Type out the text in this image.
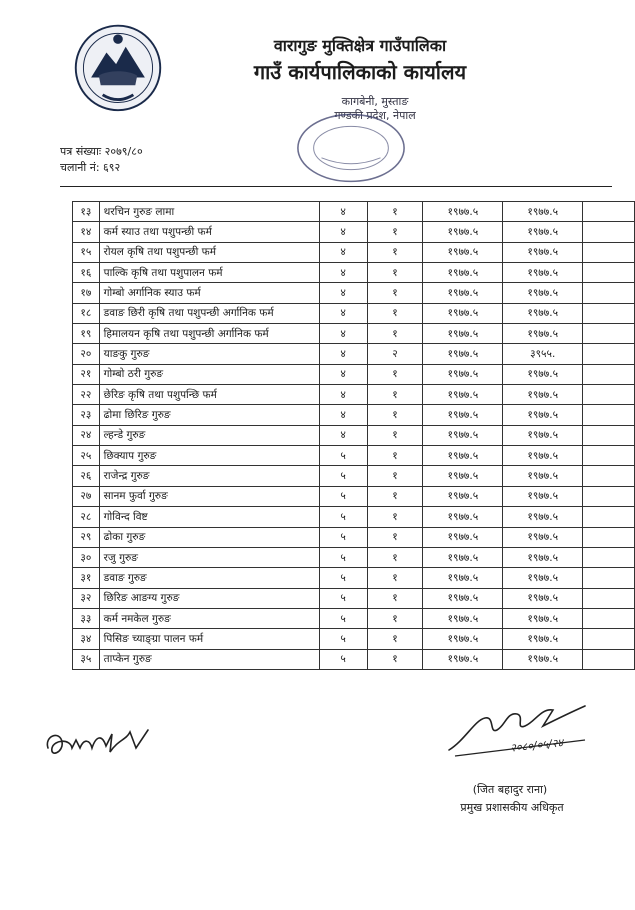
वारागुङ मुक्तिक्षेत्र गाउँपालिका
गाउँ कार्यपालिकाको कार्यालय
कागबेनी, मुस्ताङ
गण्डकी प्रदेश, नेपाल
पत्र संख्याः २०७९/८०
चलानी नं: ६९२
१३	थरचिन गुरुङ लामा	४	१	१९७७.५	१९७७.५	
१४	कर्म स्याउ तथा पशुपन्छी फर्म	४	१	१९७७.५	१९७७.५	
१५	रोयल कृषि तथा पशुपन्छी फर्म	४	१	१९७७.५	१९७७.५	
१६	पाल्कि कृषि तथा पशुपालन फर्म	४	१	१९७७.५	१९७७.५	
१७	गोम्बो अर्गानिक स्याउ फर्म	४	१	१९७७.५	१९७७.५	
१८	डवाङ छिरी कृषि तथा पशुपन्छी अर्गानिक फर्म	४	१	१९७७.५	१९७७.५	
१९	हिमालयन कृषि तथा पशुपन्छी अर्गानिक फर्म	४	१	१९७७.५	१९७७.५	
२०	याङकु गुरुङ	४	२	१९७७.५	३९५५.	
२१	गोम्बो ठरी गुरुङ	४	१	१९७७.५	१९७७.५	
२२	छेरिङ कृषि तथा पशुपन्छि फर्म	४	१	१९७७.५	१९७७.५	
२३	ढोमा छिरिङ गुरुङ	४	१	१९७७.५	१९७७.५	
२४	ल्हन्डे गुरुङ	४	१	१९७७.५	१९७७.५	
२५	छिक्याप गुरुङ	५	१	१९७७.५	१९७७.५	
२६	राजेन्द्र गुरुङ	५	१	१९७७.५	१९७७.५	
२७	सानम फुर्वा गुरुङ	५	१	१९७७.५	१९७७.५	
२८	गोविन्द विष्ट	५	१	१९७७.५	१९७७.५	
२९	ढोका गुरुङ	५	१	१९७७.५	१९७७.५	
३०	रजु गुरुङ	५	१	१९७७.५	१९७७.५	
३१	डवाङ गुरुङ	५	१	१९७७.५	१९७७.५	
३२	छिरिङ आङग्य गुरुङ	५	१	१९७७.५	१९७७.५	
३३	कर्म नमकेल गुरुङ	५	१	१९७७.५	१९७७.५	
३४	पिसिङ च्याङ्ग्रा पालन फर्म	५	१	१९७७.५	१९७७.५	
३५	ताप्केन गुरुङ	५	१	१९७७.५	१९७७.५	
२०८०/०५/२४
(जित बहादुर राना)
प्रमुख प्रशासकीय अधिकृत
